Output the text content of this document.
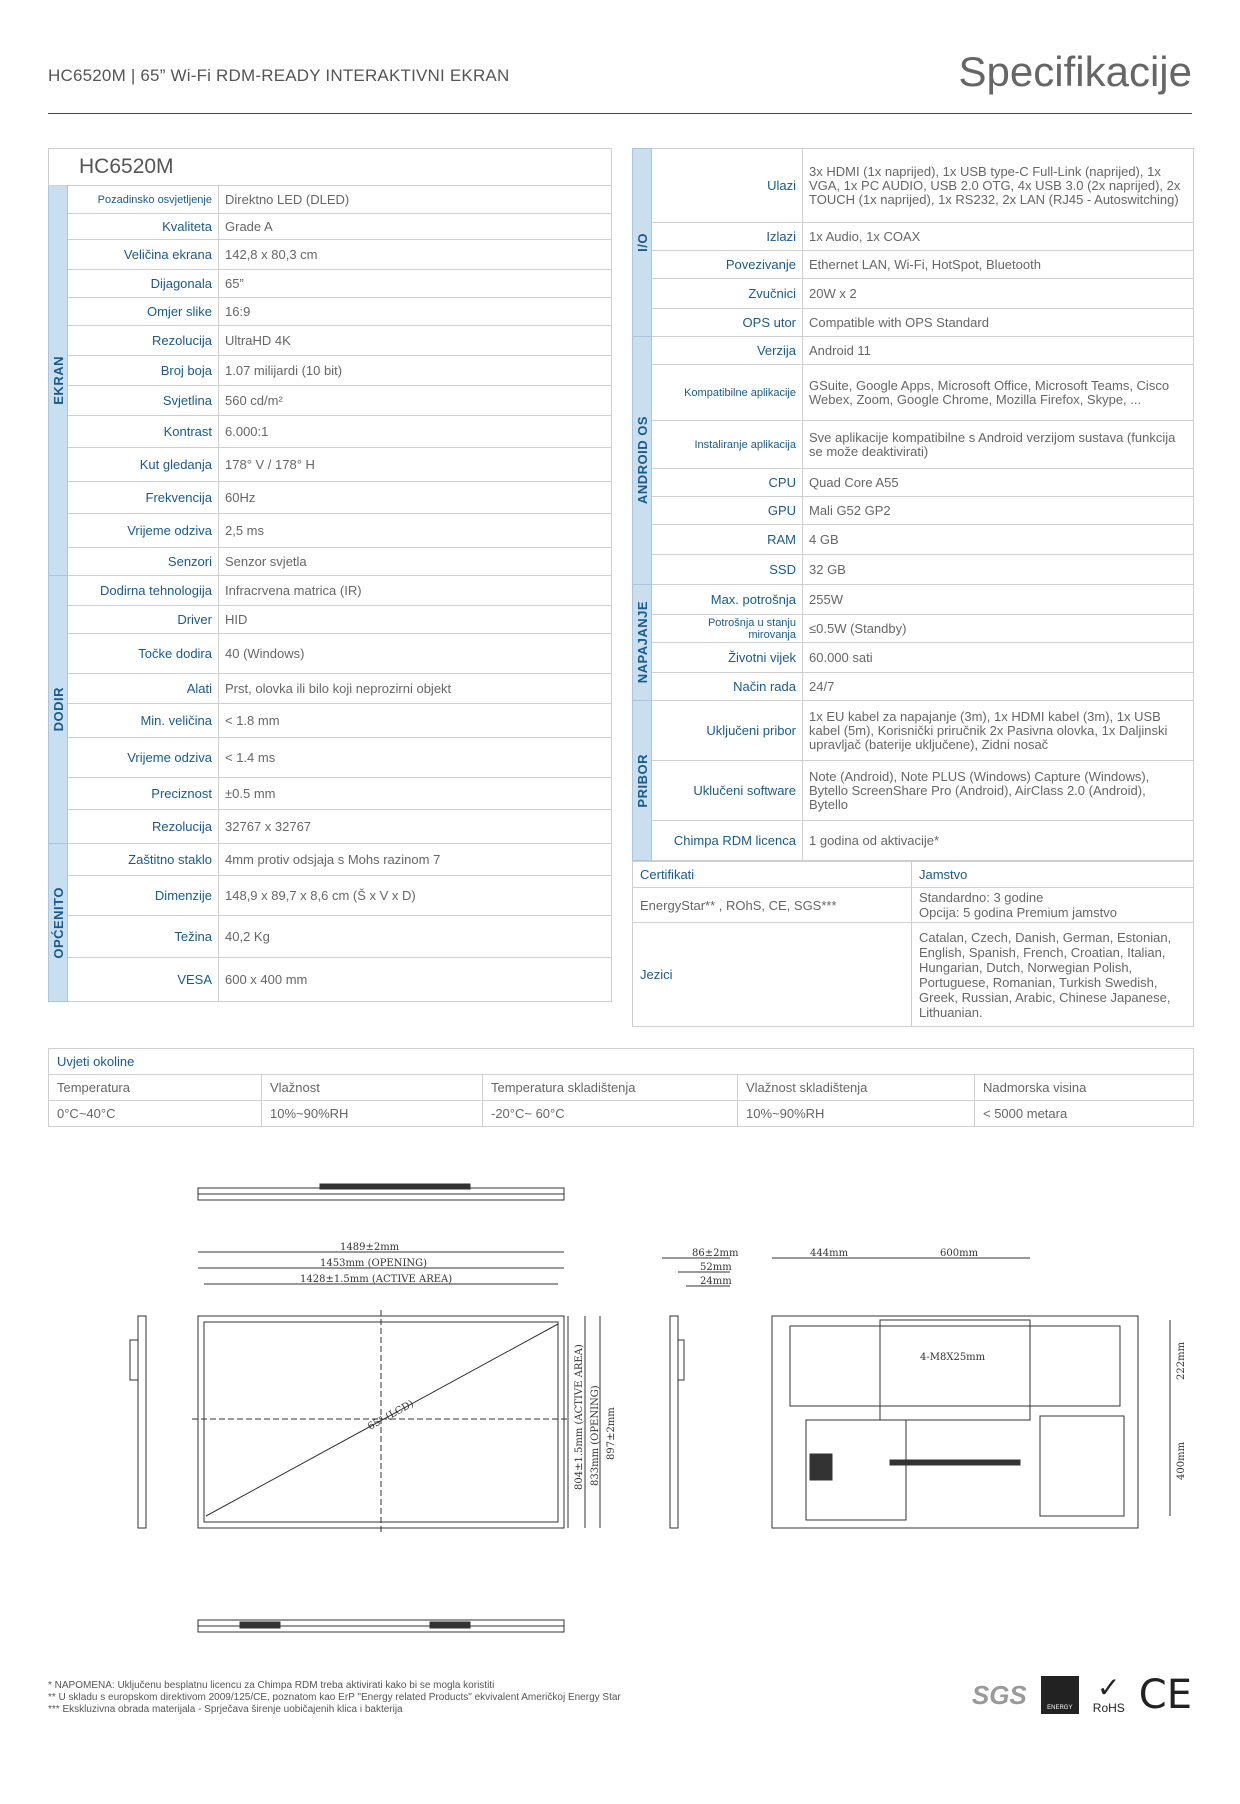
HC6520M | 65” Wi-Fi RDM-READY INTERAKTIVNI EKRAN	Specifikacije
HC6520M		

EKRAN	Pozadinsko osvjetljenje	Direktno LED (DLED)
	Kvaliteta	Grade A
	Veličina ekrana	142,8 x 80,3 cm
	Dijagonala	65”
	Omjer slike	16:9
	Rezolucija	UltraHD 4K
	Broj boja	1.07 milijardi (10 bit)
	Svjetlina	560 cd/m²
	Kontrast	6.000:1
	Kut gledanja	178° V / 178° H
	Frekvencija	60Hz
	Vrijeme odziva	2,5 ms
	Senzori	Senzor svjetla

DODIR	Dodirna tehnologija	Infracrvena matrica (IR)
	Driver	HID
	Točke dodira	40 (Windows)
	Alati	Prst, olovka ili bilo koji neprozirni objekt
	Min. veličina	< 1.8 mm
	Vrijeme odziva	< 1.4 ms
	Preciznost	±0.5 mm
	Rezolucija	32767 x 32767

OPĆENITO	Zaštitno staklo	4mm protiv odsjaja s Mohs razinom 7
	Dimenzije	148,9 x 89,7 x 8,6 cm (Š x V x D)
	Težina	40,2 Kg
	VESA	600 x 400 mm
I/O	Ulazi	3x HDMI (1x naprijed), 1x USB type-C Full-Link (naprijed), 1x VGA, 1x PC AUDIO, USB 2.0 OTG, 4x USB 3.0 (2x naprijed), 2x TOUCH (1x naprijed), 1x RS232, 2x LAN (RJ45 - Autoswitching)
	Izlazi	1x Audio, 1x COAX
	Povezivanje	Ethernet LAN, Wi-Fi, HotSpot, Bluetooth
	Zvučnici	20W x 2
	OPS utor	Compatible with OPS Standard

ANDROID OS	Verzija	Android 11
	Kompatibilne aplikacije	GSuite, Google Apps, Microsoft Office, Microsoft Teams, Cisco Webex, Zoom, Google Chrome, Mozilla Firefox, Skype, ...
	Instaliranje aplikacija	Sve aplikacije kompatibilne s Android verzijom sustava (funkcija se može deaktivirati)
	CPU	Quad Core A55
	GPU	Mali G52 GP2
	RAM	4 GB
	SSD	32 GB

NAPAJANJE	Max. potrošnja	255W
	Potrošnja u stanju mirovanja	≤0.5W (Standby)
	Životni vijek	60.000 sati
	Način rada	24/7

PRIBOR	Uključeni pribor	1x EU kabel za napajanje (3m), 1x HDMI kabel (3m), 1x USB kabel (5m), Korisnički priručnik 2x Pasivna olovka, 1x Daljinski upravljač (baterije uključene), Zidni nosač
	Uklučeni software	Note (Android), Note PLUS (Windows) Capture (Windows), Bytello ScreenShare Pro (Android), AirClass 2.0 (Android), Bytello
	Chimpa RDM licenca	1 godina od aktivacije*
Certifikati	Jamstvo
EnergyStar** , ROhS, CE, SGS***	Standardno: 3 godine
Opcija: 5 godina Premium jamstvo

Jezici	Catalan, Czech, Danish, German, Estonian, English, Spanish, French, Croatian, Italian, Hungarian, Dutch, Norwegian Polish, Portuguese, Romanian, Turkish Swedish, Greek, Russian, Arabic, Chinese Japanese, Lithuanian.
Uvjeti okoline				
Temperatura	Vlažnost	Temperatura skladištenja	Vlažnost skladištenja	Nadmorska visina
0°C~40°C	10%~90%RH	-20°C~ 60°C	10%~90%RH	< 5000 metara
1489±2mm
1453mm (OPENING)
1428±1.5mm (ACTIVE AREA)
65" (LCD)	804±1.5mm (ACTIVE AREA) 833mm (OPENING) 897±2mm
86±2mm
52mm
24mm
444mm	600mm
222mm
400mm
4-M8X25mm
* NAPOMENA: Uključenu besplatnu licencu za Chimpa RDM treba aktivirati kako bi se mogla koristiti
** U skladu s europskom direktivom 2009/125/CE, poznatom kao ErP "Energy related Products" ekvivalent Američkoj Energy Star
*** Ekskluzivna obrada materijala - Sprječava širenje uobičajenih klica i bakterija	SGS	ENERGY STAR
✓
RoHS CE
